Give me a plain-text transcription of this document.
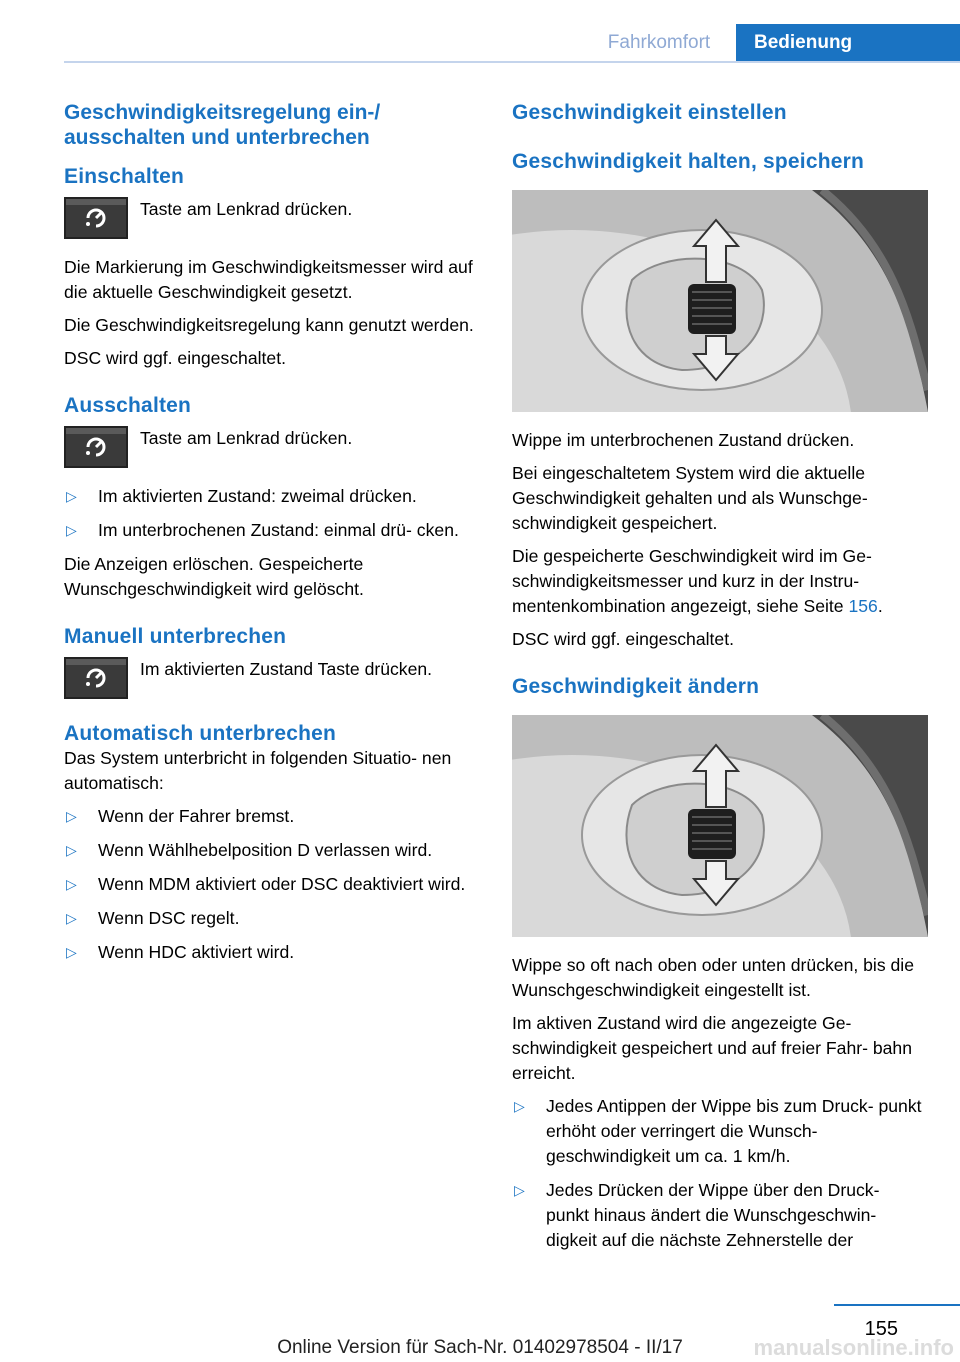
Fahrkomfort	Bedienung
Geschwindigkeitsregelung ein-/ ausschalten und unterbrechen
Einschalten
Taste am Lenkrad drücken.
Die Markierung im Geschwindigkeitsmesser wird auf die aktuelle Geschwindigkeit gesetzt.
Die Geschwindigkeitsregelung kann genutzt werden.
DSC wird ggf. eingeschaltet.
Ausschalten
Taste am Lenkrad drücken.
▷	Im aktivierten Zustand: zweimal drücken.
▷	Im unterbrochenen Zustand: einmal drü‐ cken.
Die Anzeigen erlöschen. Gespeicherte Wunschgeschwindigkeit wird gelöscht.
Manuell unterbrechen
Im aktivierten Zustand Taste drücken.
Automatisch unterbrechen
Das System unterbricht in folgenden Situatio‐ nen automatisch:
▷	Wenn der Fahrer bremst.
▷	Wenn Wählhebelposition D verlassen wird.
▷	Wenn MDM aktiviert oder DSC deaktiviert wird.
▷	Wenn DSC regelt.
▷	Wenn HDC aktiviert wird.
Geschwindigkeit einstellen
Geschwindigkeit halten, speichern
Wippe im unterbrochenen Zustand drücken.
Bei eingeschaltetem System wird die aktuelle Geschwindigkeit gehalten und als Wunschge‐ schwindigkeit gespeichert.
Die gespeicherte Geschwindigkeit wird im Ge‐ schwindigkeitsmesser und kurz in der Instru‐ mentenkombination angezeigt, siehe Seite 156.
DSC wird ggf. eingeschaltet.
Geschwindigkeit ändern
Wippe so oft nach oben oder unten drücken, bis die Wunschgeschwindigkeit eingestellt ist.
Im aktiven Zustand wird die angezeigte Ge‐ schwindigkeit gespeichert und auf freier Fahr‐ bahn erreicht.
▷	Jedes Antippen der Wippe bis zum Druck‐ punkt erhöht oder verringert die Wunsch‐ geschwindigkeit um ca. 1 km/h.
▷	Jedes Drücken der Wippe über den Druck‐ punkt hinaus ändert die Wunschgeschwin‐ digkeit auf die nächste Zehnerstelle der
155
Online Version für Sach-Nr. 01402978504 - II/17	manualsonline.info
